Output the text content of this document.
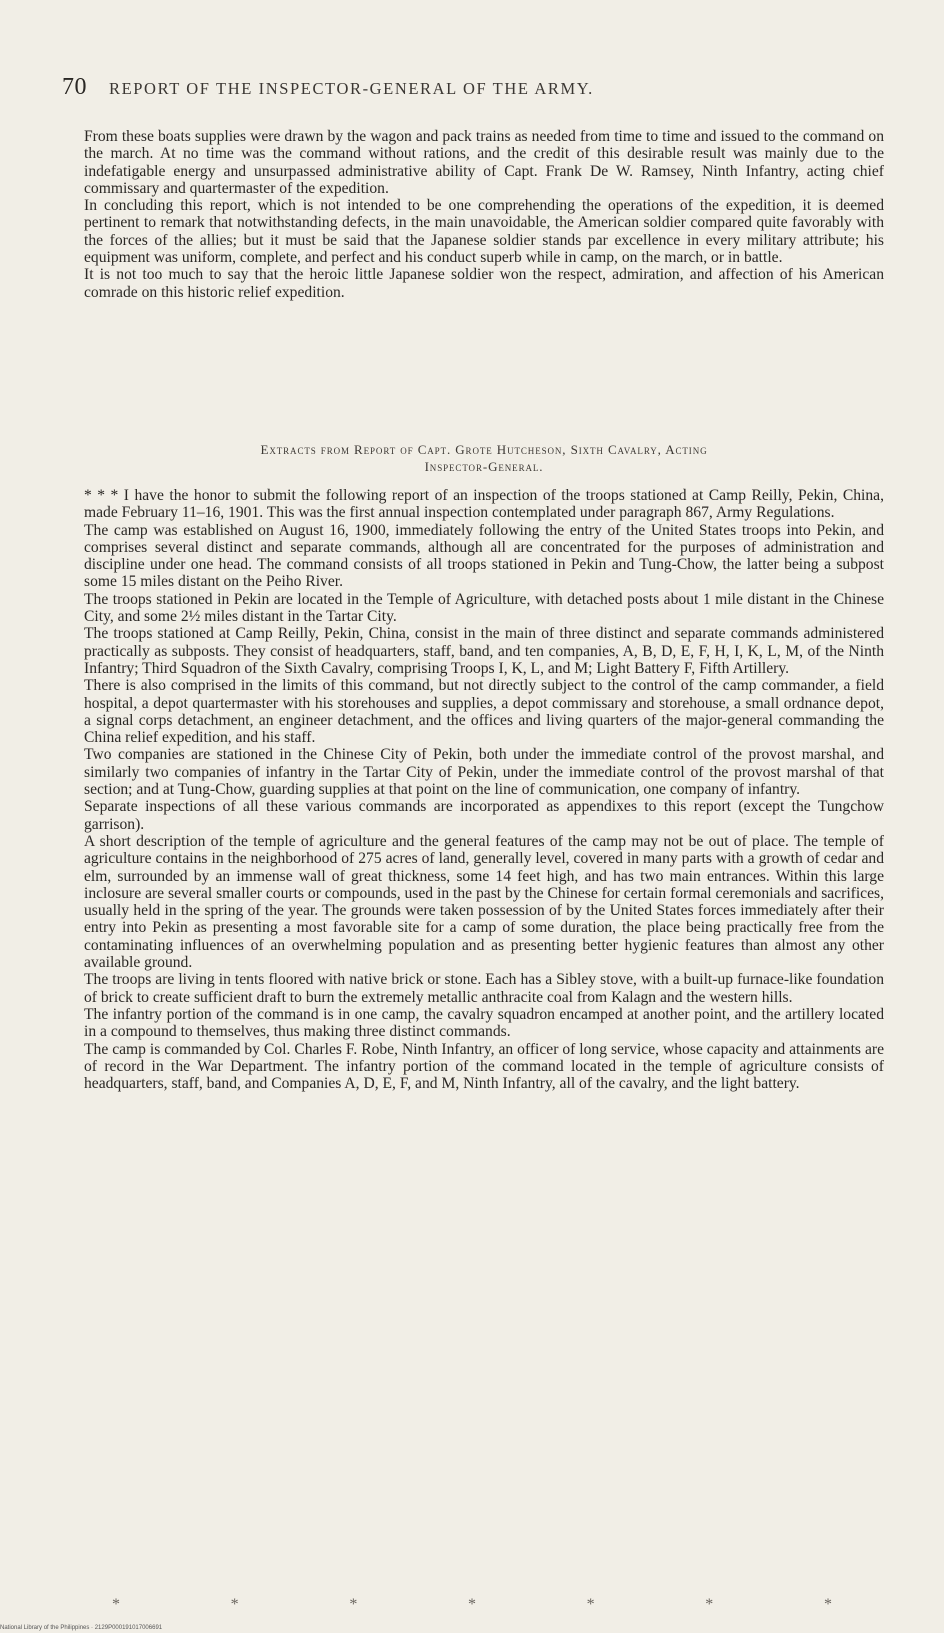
70 REPORT OF THE INSPECTOR-GENERAL OF THE ARMY.

From these boats supplies were drawn by the wagon and pack trains as needed from time to time and issued to the command on the march. At no time was the command without rations, and the credit of this desirable result was mainly due to the indefatigable energy and unsurpassed administrative ability of Capt. Frank De W. Ramsey, Ninth Infantry, acting chief commissary and quartermaster of the expedition.

In concluding this report, which is not intended to be one comprehending the operations of the expedition, it is deemed pertinent to remark that notwithstanding defects, in the main unavoidable, the American soldier compared quite favorably with the forces of the allies; but it must be said that the Japanese soldier stands par excellence in every military attribute; his equipment was uniform, complete, and perfect and his conduct superb while in camp, on the march, or in battle.

It is not too much to say that the heroic little Japanese soldier won the respect, admiration, and affection of his American comrade on this historic relief expedition.

Extracts from Report of Capt. Grote Hutcheson, Sixth Cavalry, Acting
Inspector-General.

* * * I have the honor to submit the following report of an inspection of the troops stationed at Camp Reilly, Pekin, China, made February 11–16, 1901. This was the first annual inspection contemplated under paragraph 867, Army Regulations.

The camp was established on August 16, 1900, immediately following the entry of the United States troops into Pekin, and comprises several distinct and separate commands, although all are concentrated for the purposes of administration and discipline under one head. The command consists of all troops stationed in Pekin and Tung-Chow, the latter being a subpost some 15 miles distant on the Peiho River.

The troops stationed in Pekin are located in the Temple of Agriculture, with detached posts about 1 mile distant in the Chinese City, and some 2½ miles distant in the Tartar City.

The troops stationed at Camp Reilly, Pekin, China, consist in the main of three distinct and separate commands administered practically as subposts. They consist of headquarters, staff, band, and ten companies, A, B, D, E, F, H, I, K, L, M, of the Ninth Infantry; Third Squadron of the Sixth Cavalry, comprising Troops I, K, L, and M; Light Battery F, Fifth Artillery.

There is also comprised in the limits of this command, but not directly subject to the control of the camp commander, a field hospital, a depot quartermaster with his storehouses and supplies, a depot commissary and storehouse, a small ordnance depot, a signal corps detachment, an engineer detachment, and the offices and living quarters of the major-general commanding the China relief expedition, and his staff.

Two companies are stationed in the Chinese City of Pekin, both under the immediate control of the provost marshal, and similarly two companies of infantry in the Tartar City of Pekin, under the immediate control of the provost marshal of that section; and at Tung-Chow, guarding supplies at that point on the line of communication, one company of infantry.

Separate inspections of all these various commands are incorporated as appendixes to this report (except the Tungchow garrison).

A short description of the temple of agriculture and the general features of the camp may not be out of place. The temple of agriculture contains in the neighborhood of 275 acres of land, generally level, covered in many parts with a growth of cedar and elm, surrounded by an immense wall of great thickness, some 14 feet high, and has two main entrances. Within this large inclosure are several smaller courts or compounds, used in the past by the Chinese for certain formal ceremonials and sacrifices, usually held in the spring of the year. The grounds were taken possession of by the United States forces immediately after their entry into Pekin as presenting a most favorable site for a camp of some duration, the place being practically free from the contaminating influences of an overwhelming population and as presenting better hygienic features than almost any other available ground.

The troops are living in tents floored with native brick or stone. Each has a Sibley stove, with a built-up furnace-like foundation of brick to create sufficient draft to burn the extremely metallic anthracite coal from Kalagn and the western hills.

The infantry portion of the command is in one camp, the cavalry squadron encamped at another point, and the artillery located in a compound to themselves, thus making three distinct commands.

The camp is commanded by Col. Charles F. Robe, Ninth Infantry, an officer of long service, whose capacity and attainments are of record in the War Department. The infantry portion of the command located in the temple of agriculture consists of headquarters, staff, band, and Companies A, D, E, F, and M, Ninth Infantry, all of the cavalry, and the light battery.

*	*	*	*	*	*	*
National Library of the Philippines · 2129P000191017006691
